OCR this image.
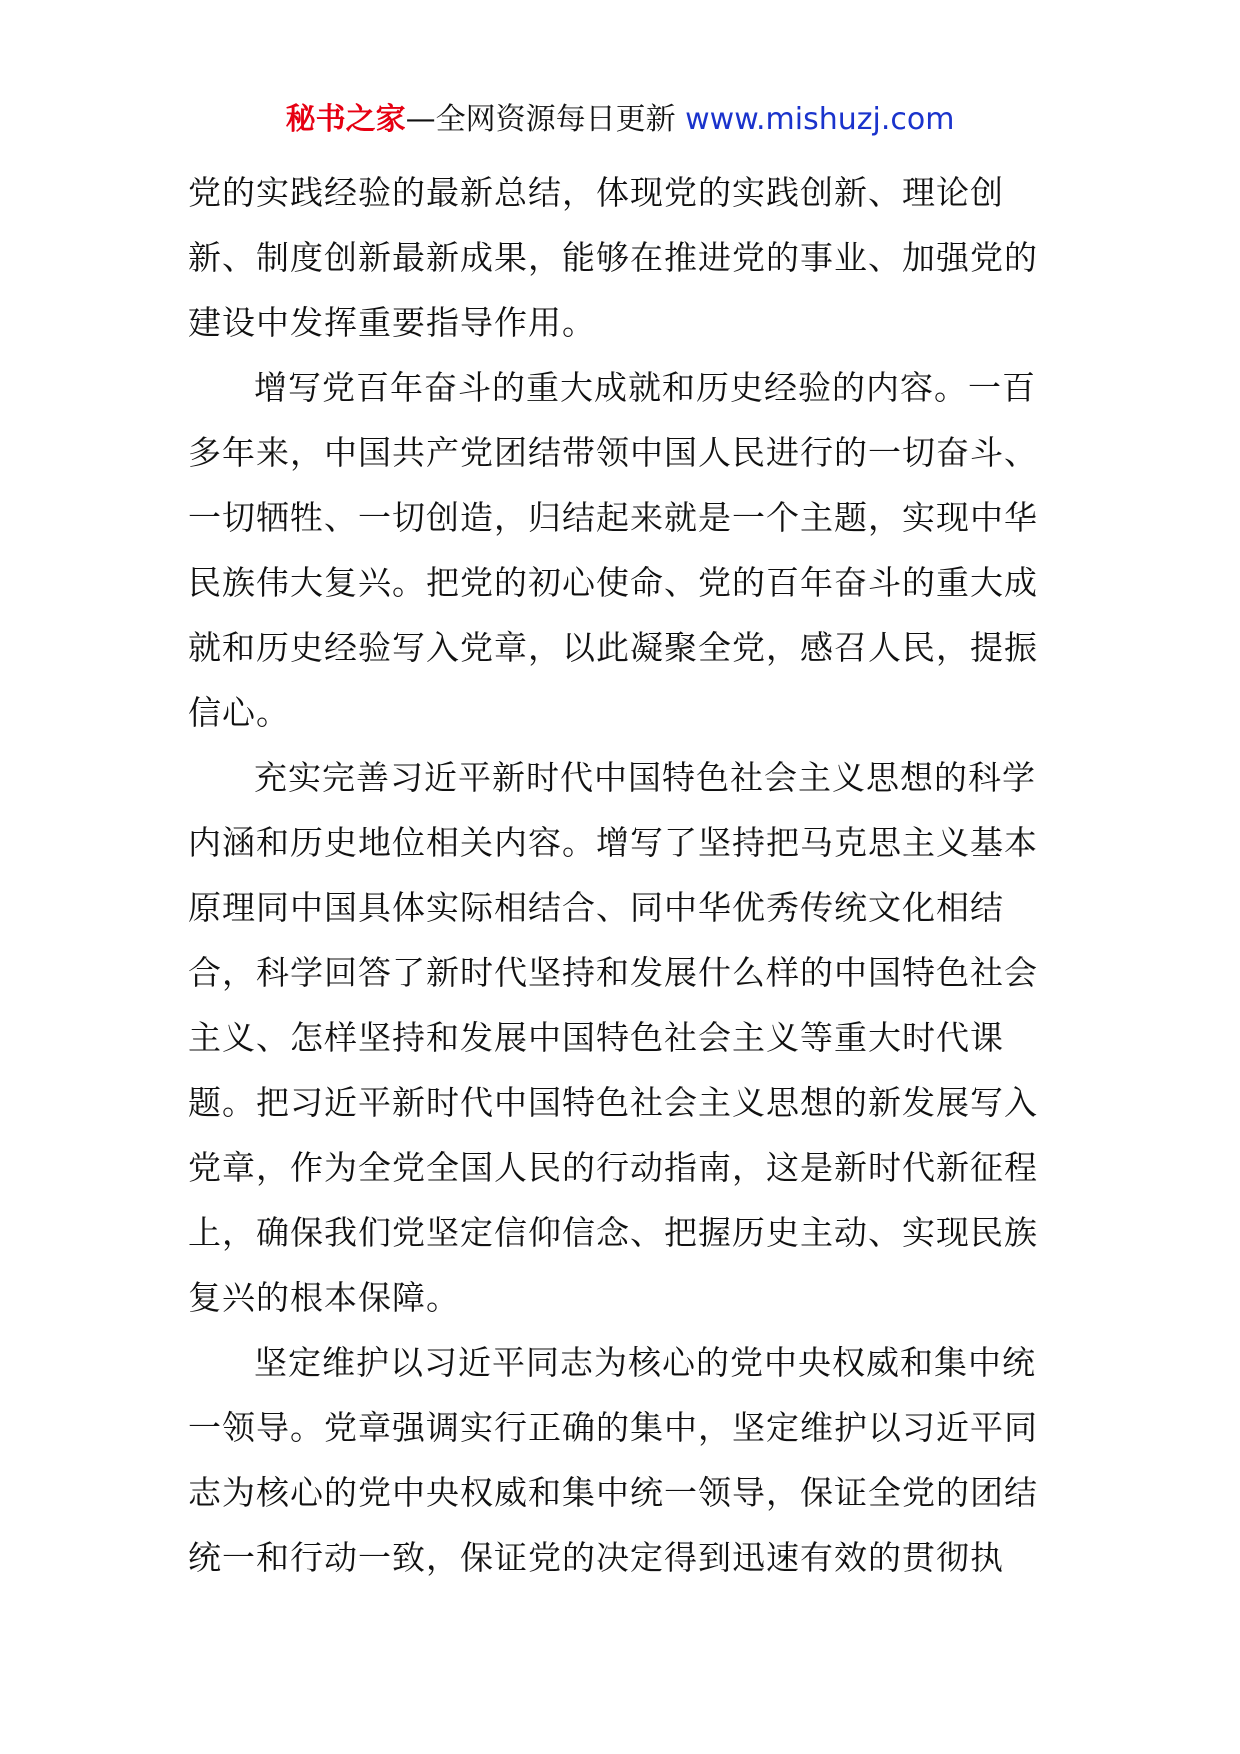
秘书之家—全网资源每日更新 www.mishuzj.com
党的实践经验的最新总结，体现党的实践创新、理论创
新、制度创新最新成果，能够在推进党的事业、加强党的
建设中发挥重要指导作用。
增写党百年奋斗的重大成就和历史经验的内容。一百
多年来，中国共产党团结带领中国人民进行的一切奋斗、
一切牺牲、一切创造，归结起来就是一个主题，实现中华
民族伟大复兴。把党的初心使命、党的百年奋斗的重大成
就和历史经验写入党章，以此凝聚全党，感召人民，提振
信心。
充实完善习近平新时代中国特色社会主义思想的科学
内涵和历史地位相关内容。增写了坚持把马克思主义基本
原理同中国具体实际相结合、同中华优秀传统文化相结
合，科学回答了新时代坚持和发展什么样的中国特色社会
主义、怎样坚持和发展中国特色社会主义等重大时代课
题。把习近平新时代中国特色社会主义思想的新发展写入
党章，作为全党全国人民的行动指南，这是新时代新征程
上，确保我们党坚定信仰信念、把握历史主动、实现民族
复兴的根本保障。
坚定维护以习近平同志为核心的党中央权威和集中统
一领导。党章强调实行正确的集中，坚定维护以习近平同
志为核心的党中央权威和集中统一领导，保证全党的团结
统一和行动一致，保证党的决定得到迅速有效的贯彻执
